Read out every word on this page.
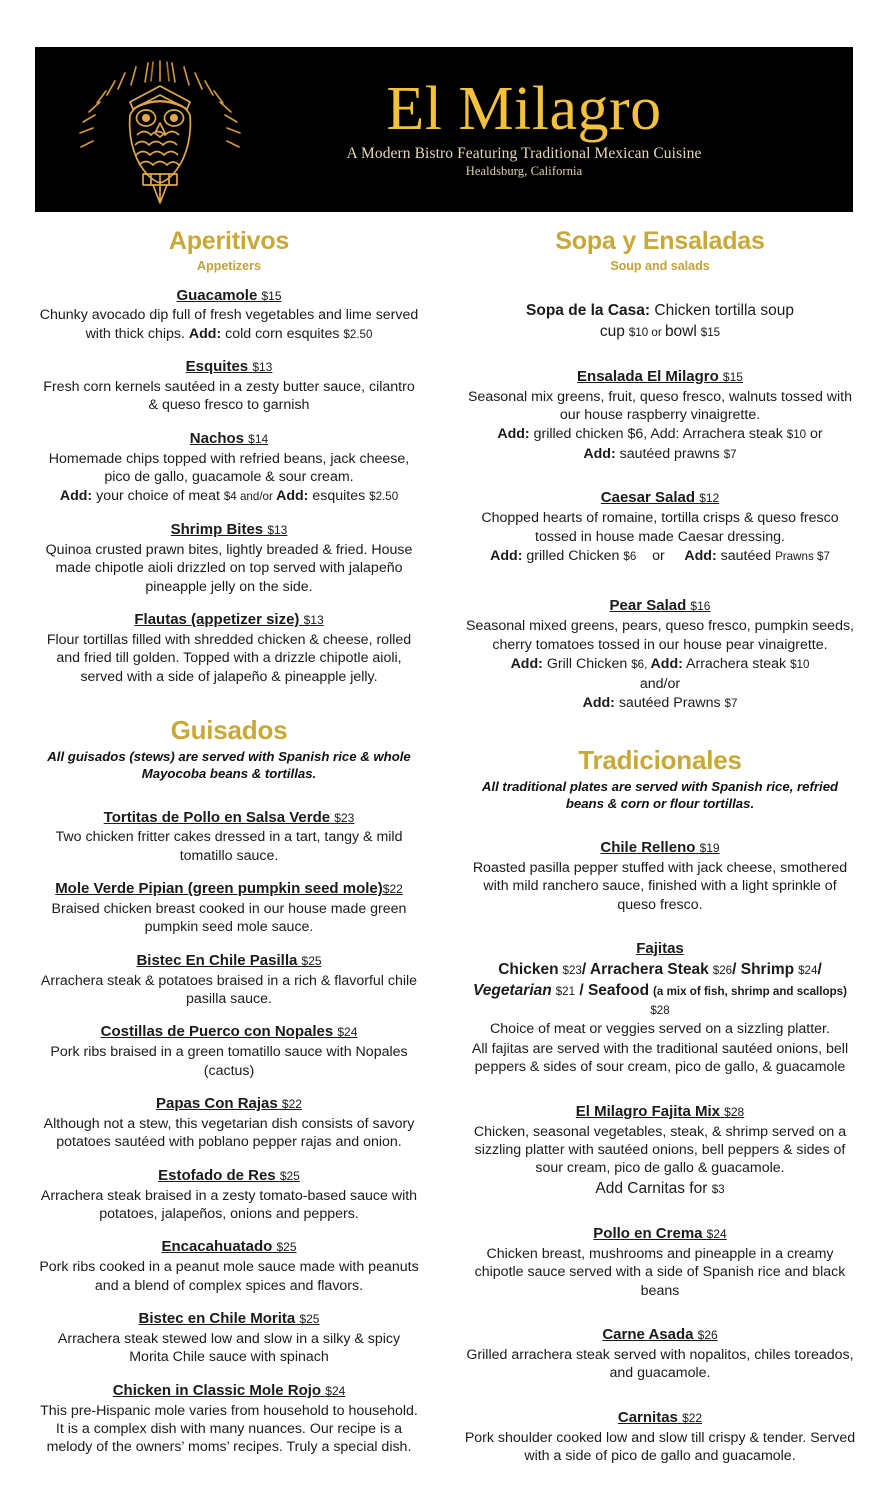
El Milagro
A Modern Bistro Featuring Traditional Mexican Cuisine
Healdsburg, California
Aperitivos
Appetizers
Guacamole $15
Chunky avocado dip full of fresh vegetables and lime served with thick chips. Add: cold corn esquites $2.50
Esquites $13
Fresh corn kernels sautéed in a zesty butter sauce, cilantro & queso fresco to garnish
Nachos $14
Homemade chips topped with refried beans, jack cheese, pico de gallo, guacamole & sour cream.
Add: your choice of meat $4 and/or Add: esquites $2.50
Shrimp Bites $13
Quinoa crusted prawn bites, lightly breaded & fried. House made chipotle aioli drizzled on top served with jalapeño pineapple jelly on the side.
Flautas (appetizer size) $13
Flour tortillas filled with shredded chicken & cheese, rolled and fried till golden. Topped with a drizzle chipotle aioli, served with a side of jalapeño & pineapple jelly.
Guisados
All guisados (stews) are served with Spanish rice & whole Mayocoba beans & tortillas.
Tortitas de Pollo en Salsa Verde $23
Two chicken fritter cakes dressed in a tart, tangy & mild tomatillo sauce.
Mole Verde Pipian (green pumpkin seed mole)$22
Braised chicken breast cooked in our house made green pumpkin seed mole sauce.
Bistec En Chile Pasilla $25
Arrachera steak & potatoes braised in a rich & flavorful chile pasilla sauce.
Costillas de Puerco con Nopales $24
Pork ribs braised in a green tomatillo sauce with Nopales (cactus)
Papas Con Rajas $22
Although not a stew, this vegetarian dish consists of savory potatoes sautéed with poblano pepper rajas and onion.
Estofado de Res $25
Arrachera steak braised in a zesty tomato-based sauce with potatoes, jalapeños, onions and peppers.
Encacahuatado $25
Pork ribs cooked in a peanut mole sauce made with peanuts and a blend of complex spices and flavors.
Bistec en Chile Morita $25
Arrachera steak stewed low and slow in a silky & spicy Morita Chile sauce with spinach
Chicken in Classic Mole Rojo $24
This pre-Hispanic mole varies from household to household. It is a complex dish with many nuances. Our recipe is a melody of the owners’ moms’ recipes. Truly a special dish.
Sopa y Ensaladas
Soup and salads
Sopa de la Casa: Chicken tortilla soup
cup $10 or bowl $15
Ensalada El Milagro $15
Seasonal mix greens, fruit, queso fresco, walnuts tossed with our house raspberry vinaigrette.
Add: grilled chicken $6, Add: Arrachera steak $10 or
Add: sautéed prawns $7
Caesar Salad $12
Chopped hearts of romaine, tortilla crisps & queso fresco tossed in house made Caesar dressing.
Add: grilled Chicken $6    or     Add: sautéed Prawns $7
Pear Salad $16
Seasonal mixed greens, pears, queso fresco, pumpkin seeds, cherry tomatoes tossed in our house pear vinaigrette.
Add: Grill Chicken $6, Add: Arrachera steak $10
and/or
Add: sautéed Prawns $7
Tradicionales
All traditional plates are served with Spanish rice, refried beans & corn or flour tortillas.
Chile Relleno $19
Roasted pasilla pepper stuffed with jack cheese, smothered with mild ranchero sauce, finished with a light sprinkle of queso fresco.
Fajitas
Chicken $23/ Arrachera Steak $26/ Shrimp $24/
Vegetarian $21 / Seafood (a mix of fish, shrimp and scallops) $28
Choice of meat or veggies served on a sizzling platter.
All fajitas are served with the traditional sautéed onions, bell peppers & sides of sour cream, pico de gallo, & guacamole
El Milagro Fajita Mix $28
Chicken, seasonal vegetables, steak, & shrimp served on a sizzling platter with sautéed onions, bell peppers & sides of sour cream, pico de gallo & guacamole.
Add Carnitas for $3
Pollo en Crema $24
Chicken breast, mushrooms and pineapple in a creamy chipotle sauce served with a side of Spanish rice and black beans
Carne Asada $26
Grilled arrachera steak served with nopalitos, chiles toreados, and guacamole.
Carnitas $22
Pork shoulder cooked low and slow till crispy & tender. Served with a side of pico de gallo and guacamole.
